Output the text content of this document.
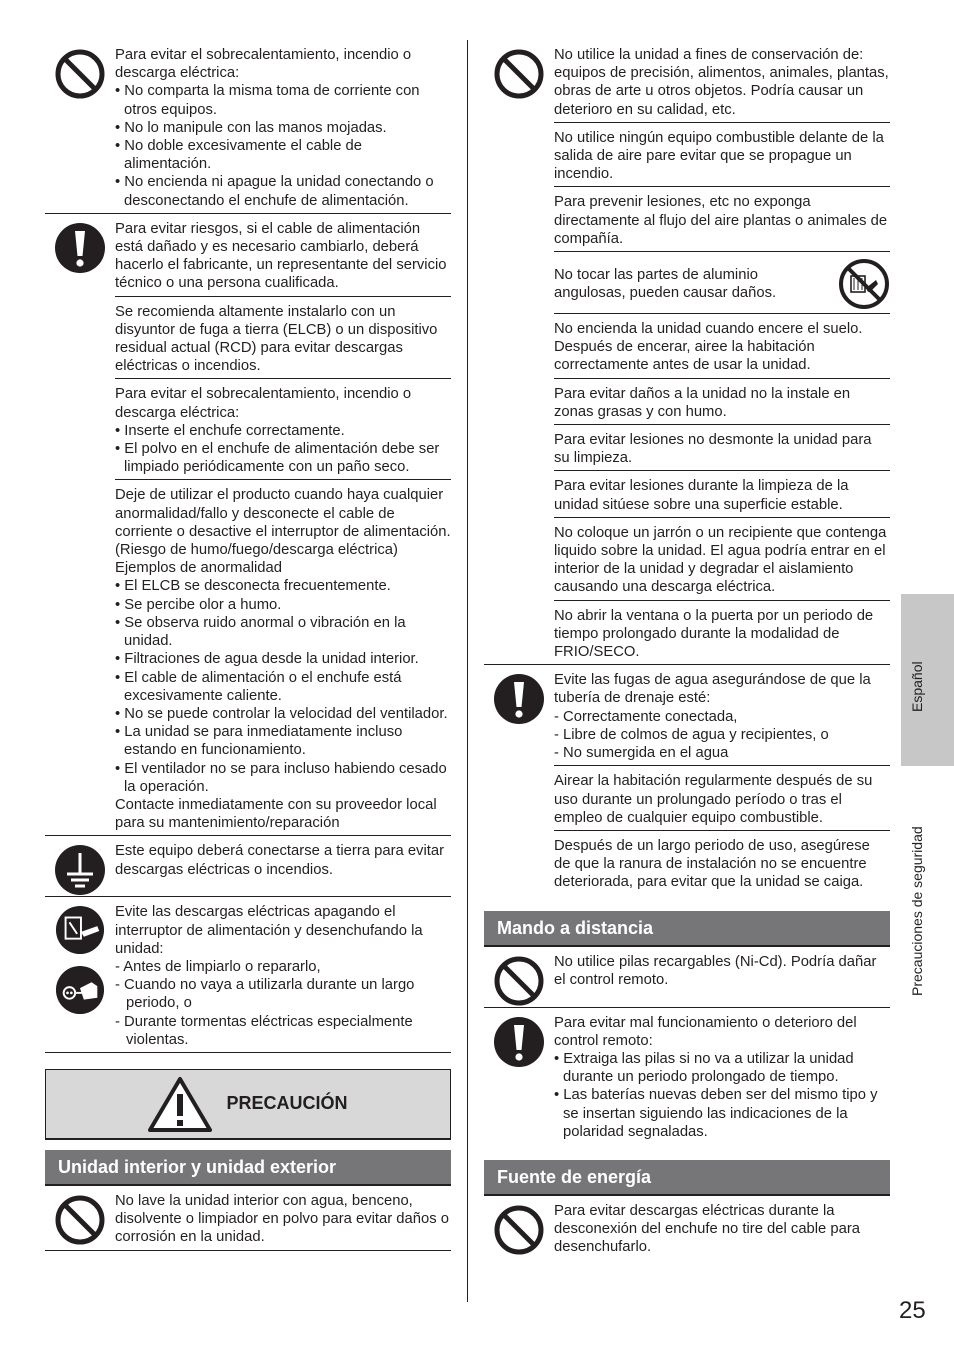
Para evitar el sobrecalentamiento, incendio o descarga eléctrica:
• No comparta la misma toma de corriente con otros equipos.
• No lo manipule con las manos mojadas.
• No doble excesivamente el cable de alimentación.
• No encienda ni apague la unidad conectando o desconectando el enchufe de alimentación.
Para evitar riesgos, si el cable de alimentación está dañado y es necesario cambiarlo, deberá hacerlo el fabricante, un representante del servicio técnico o una persona cualificada.
Se recomienda altamente instalarlo con un disyuntor de fuga a tierra (ELCB) o un dispositivo residual actual (RCD) para evitar descargas eléctricas o incendios.
Para evitar el sobrecalentamiento, incendio o descarga eléctrica:
• Inserte el enchufe correctamente.
• El polvo en el enchufe de alimentación debe ser limpiado periódicamente con un paño seco.
Deje de utilizar el producto cuando haya cualquier anormalidad/fallo y desconecte el cable de corriente o desactive el interruptor de alimentación.
(Riesgo de humo/fuego/descarga eléctrica)
Ejemplos de anormalidad
• El ELCB se desconecta frecuentemente.
• Se percibe olor a humo.
• Se observa ruido anormal o vibración en la unidad.
• Filtraciones de agua desde la unidad interior.
• El cable de alimentación o el enchufe está excesivamente caliente.
• No se puede controlar la velocidad del ventilador.
• La unidad se para inmediatamente incluso estando en funcionamiento.
• El ventilador no se para incluso habiendo cesado la operación.
Contacte inmediatamente con su proveedor local para su mantenimiento/reparación
Este equipo deberá conectarse a tierra para evitar descargas eléctricas o incendios.
Evite las descargas eléctricas apagando el interruptor de alimentación y desenchufando la unidad:
- Antes de limpiarlo o repararlo,
- Cuando no vaya a utilizarla durante un largo periodo, o
- Durante tormentas eléctricas especialmente violentas.
PRECAUCIÓN
Unidad interior y unidad exterior
No lave la unidad interior con agua, benceno, disolvente o limpiador en polvo para evitar daños o corrosión en la unidad.
No utilice la unidad a fines de conservación de: equipos de precisión, alimentos, animales, plantas, obras de arte u otros objetos. Podría causar un deterioro en su calidad, etc.
No utilice ningún equipo combustible delante de la salida de aire pare evitar que se propague un incendio.
Para prevenir lesiones, etc no exponga directamente al flujo del aire plantas o animales de compañía.
No tocar las partes de aluminio angulosas, pueden causar daños.
No encienda la unidad cuando encere el suelo. Después de encerar, airee la habitación correctamente antes de usar la unidad.
Para evitar daños a la unidad no la instale en zonas grasas y con humo.
Para evitar lesiones no desmonte la unidad para su limpieza.
Para evitar lesiones durante la limpieza de la unidad sitúese sobre una superficie estable.
No coloque un jarrón o un recipiente que contenga liquido sobre la unidad. El agua podría entrar en el interior de la unidad y degradar el aislamiento causando una descarga eléctrica.
No abrir la ventana o la puerta por un periodo de tiempo prolongado durante la modalidad de FRIO/SECO.
Evite las fugas de agua asegurándose de que la tubería de drenaje esté:
- Correctamente conectada,
- Libre de colmos de agua y recipientes, o
- No sumergida en el agua
Airear la habitación regularmente después de su uso durante un prolungado período o tras el empleo de cualquier equipo combustible.
Después de un largo periodo de uso, asegúrese de que la ranura de instalación no se encuentre deteriorada, para evitar que la unidad se caiga.
Mando a distancia
No utilice pilas recargables (Ni-Cd). Podría dañar el control remoto.
Para evitar mal funcionamiento o deterioro del control remoto:
• Extraiga las pilas si no va a utilizar la unidad durante un periodo prolongado de tiempo.
• Las baterías nuevas deben ser del mismo tipo y se insertan siguiendo las indicaciones de la polaridad segnaladas.
Fuente de energía
Para evitar descargas eléctricas durante la desconexión del enchufe no tire del cable para desenchufarlo.
Español
Precauciones de seguridad
25
